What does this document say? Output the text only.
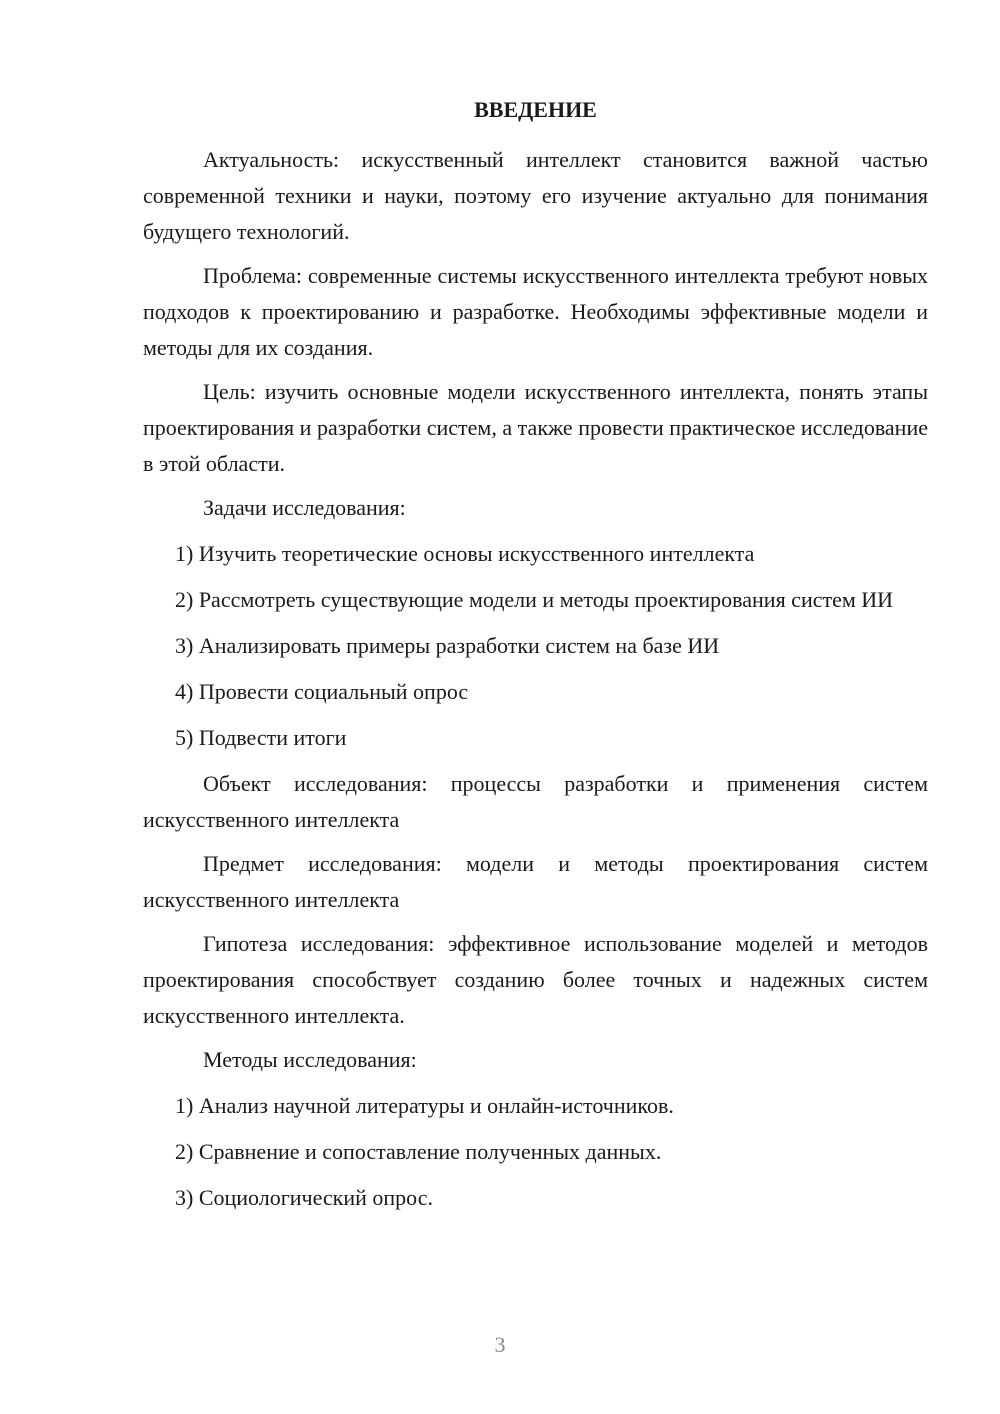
ВВЕДЕНИЕ

Актуальность: искусственный интеллект становится важной частью современной техники и науки, поэтому его изучение актуально для понимания будущего технологий.

Проблема: современные системы искусственного интеллекта требуют новых подходов к проектированию и разработке. Необходимы эффективные модели и методы для их создания.

Цель: изучить основные модели искусственного интеллекта, понять этапы проектирования и разработки систем, а также провести практическое исследование в этой области.

Задачи исследования:

1) Изучить теоретические основы искусственного интеллекта

2) Рассмотреть существующие модели и методы проектирования систем ИИ

3) Анализировать примеры разработки систем на базе ИИ

4) Провести социальный опрос

5) Подвести итоги

Объект исследования: процессы разработки и применения систем искусственного интеллекта

Предмет исследования: модели и методы проектирования систем искусственного интеллекта

Гипотеза исследования: эффективное использование моделей и методов проектирования способствует созданию более точных и надежных систем искусственного интеллекта.

Методы исследования:

1) Анализ научной литературы и онлайн-источников.

2) Сравнение и сопоставление полученных данных.

3) Социологический опрос.

3
